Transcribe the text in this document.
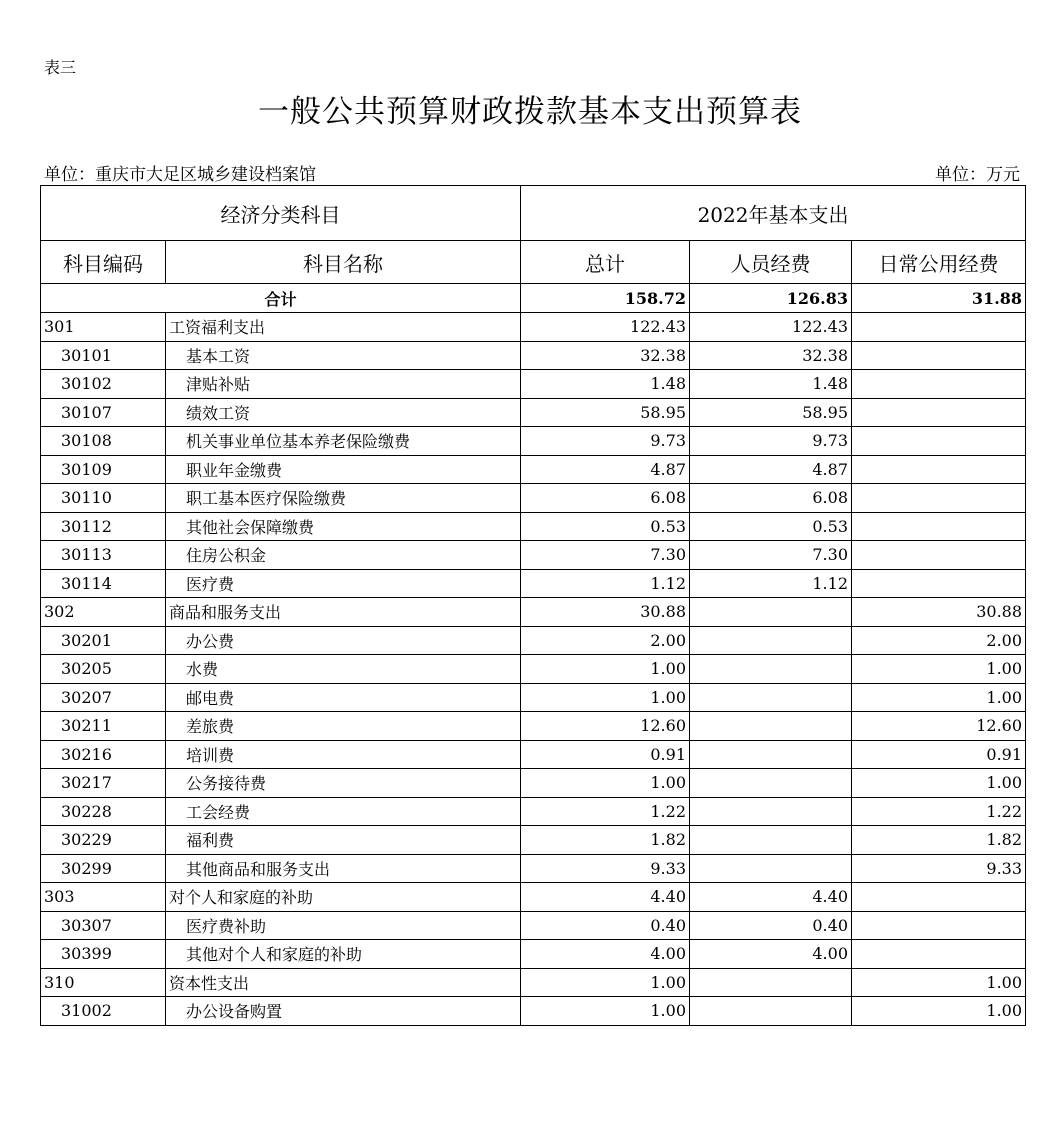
表三
一般公共预算财政拨款基本支出预算表
单位：重庆市大足区城乡建设档案馆	单位：万元
经济分类科目		2022年基本支出		
科目编码	科目名称	总计	人员经费	日常公用经费
合计		158.72	126.83	31.88
301	工资福利支出	122.43	122.43	
30101	基本工资	32.38	32.38	
30102	津贴补贴	1.48	1.48	
30107	绩效工资	58.95	58.95	
30108	机关事业单位基本养老保险缴费	9.73	9.73	
30109	职业年金缴费	4.87	4.87	
30110	职工基本医疗保险缴费	6.08	6.08	
30112	其他社会保障缴费	0.53	0.53	
30113	住房公积金	7.30	7.30	
30114	医疗费	1.12	1.12	
302	商品和服务支出	30.88		30.88
30201	办公费	2.00		2.00
30205	水费	1.00		1.00
30207	邮电费	1.00		1.00
30211	差旅费	12.60		12.60
30216	培训费	0.91		0.91
30217	公务接待费	1.00		1.00
30228	工会经费	1.22		1.22
30229	福利费	1.82		1.82
30299	其他商品和服务支出	9.33		9.33
303	对个人和家庭的补助	4.40	4.40	
30307	医疗费补助	0.40	0.40	
30399	其他对个人和家庭的补助	4.00	4.00	
310	资本性支出	1.00		1.00
31002	办公设备购置	1.00		1.00
